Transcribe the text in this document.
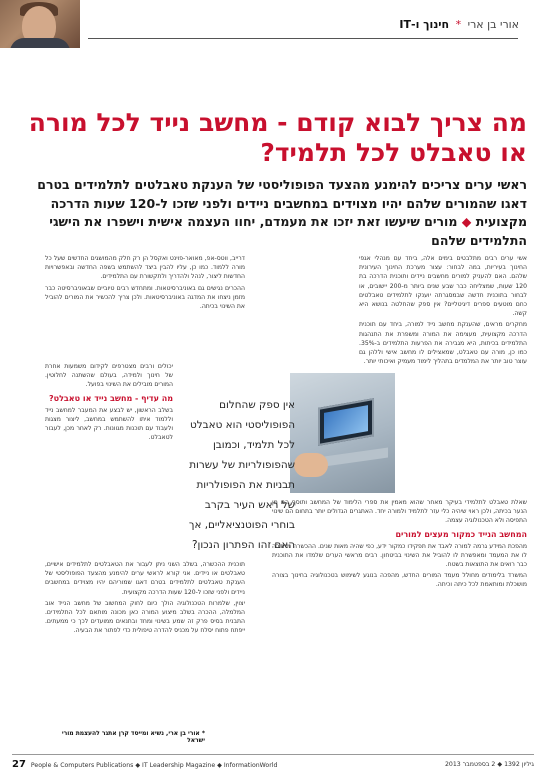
אורי בן ארי * חינוך ו-IT
מה צריך לבוא קודם - מחשב נייד לכל מורה או טאבלט לכל תלמיד?
ראשי ערים צריכים להימנע מהצעד הפופוליסטי של הענקת טאבלטים לתלמידים בטרם דאגו שהמורים שלהם יהיו מצוידים במחשבים ניידים ולפני שזכו ל-120 שעות הדרכה מקצועית ◆ מורים שיעשו זאת יזכו את מעמדם, יחוו העצמה אישית וישפרו את הישגי התלמידים שלהם

אשי ערים רבים מתלבטים בימים אלה, ביחד עם מנהלי אגפי החינוך בעיריות, במה לבחור: עצור מערכת החינוך העירונית שלהם. האם להעניק למורים מחשבים ניידים ותוכנית הדרכה בת 120 שעות, שמצליחה כבר שבע שנים ביותר מ-200 יישובים, או לבחור בתוכנית חדשה שבמסגרתה יוענקו לתלמידים טאבלטים כחם מוטעים ספרים דיגיטליים? אין ספק שהחלטה בנושא היא קשה.

מחקרים מראים, שהענקת מחשב נייד למורה, ביחד עם תוכנית הדרכה מקצועית, מעצימה את המורה ומשפרת את התנהגות התלמידים בכיתות, היא מגבירה את הפרעות התלמידים ב-35%. כמו כן, מורה עם טאבלט, שמאצילים לו מחשב אישי וללהן גם עוצר טוב יותר את המלמדים בתהליך לימוד מעמיק ואיכותי יותר.

דרייב, ווטס-אפ, מאואר-פוינט ואקסל הן רק חלק מהמושגים החדשים שעל כל מורה ללמוד. כמו כן, עליו להבין ביצד להשתמש בשפה החדשה ובאפשרויות החדשות ליצור, לנהל ולהדריך ולתקשורת עם התלמידים.

ההכרים נגישים גם באוניברסיטאות. ומתחדש רבים טיוביים שבאוניברסיטה כבר מזמן ניצחו את המדגה באוניברסיטאות. ולכן צריך להכשיר את המורים להוביל את השינוי בכיתה.

יכולים ורבים מצטרפים לקידום משמעות אחרת של חינוך ולמידה, בעולם שהשתנה לחלוטין. המורים מובילים את השינוי בפועל.

מה עדיף - מחשב נייד או טאבלט?

בשלב הראשון, יש לבצע את המעבר למחשב נייד וללמוד איתו להשתמש במחשב, ליצור מצגות ולעבוד עם תוכנות מגוונות. רק לאחר מכן, לעבור לטאבלט.

אין ספק שהחלום הפופוליסטי הוא טאבלט לכל תלמיד, וכמובן שהפופולריות של עשרות תבניות את הפופולריות של ראש העיר בקרב בוחרי הפוטנציאליים, אך האם זהו הפתרון הנכון?

תוכנית ההכשרה, בשלב השני ניתן לעבור את הטאבלטים לתלמידים אישיים, טאבלטים או ניידים. אני קורא לראשי ערים להימנע מהצעד הפופוליסטי של הענקת טאבלטים לתלמידים בטרם דאגו שמוריהם יהיו מצוידים במחשבים ניידים ולפני שזכו ל-120 שעות הדרכה מקצועית.

יצוין, שלמרות הטכנולוגיה הולך כיום לחוק המחשוב של מחשב הנייד אוב המלמלה, ההכרה בשלב מיצוע המורה כאן מכונה מותאם לכל התלמידים. התבנית בסיס פרק זה שמע בשינוי ומחד ובתנאים ממועדים לכך כי ממעתים. ייפתח פתוח יסלח על מכניס להדרה טיפולית כדי לפתור את הבעיה.

שאלת טאבלט לתלמידי בעיקר מאחר שהוא מאמין את ספרי הלימוד של המחשב ותוסף הם מן הנער בכיתה, ולכן ראוי שיהיה כלי עזר לתלמיד ולמורה יחד. האתגרים הגדולים יותר בתחום הם שינוי התפיסה ולא הטכנולוגיה עצמה.

המחשב הנייד כמקור מעצים למורים

מהפכת המידע גרמה למורה לאבד את תפקידו כמקור ידע, כפי שהיה מאות שנים. ההכשרה מחזירה לו את המעמד ומאפשרת לו להוביל את השינוי בביטחון. רבים מראשי הערים שלמדו את התוכנית כבר רואים את התוצאות בשטח.

המשרד בלימודים מחולל מעמד המורים החדש, מהפכה בנוגע לשימוש בטכנולוגיה בחינוך בצורה מושכלת ומותאמת לכל כיתה וכיתה.

* אורי בן ארי, נשיא ומייסד קרן אתגר להעצמת מורי ישראל
27 People & Computers Publications ◆ IT Leadership Magazine ◆ InformationWorld	גיליון 1392 ◆ 2 בספטמבר 2013
